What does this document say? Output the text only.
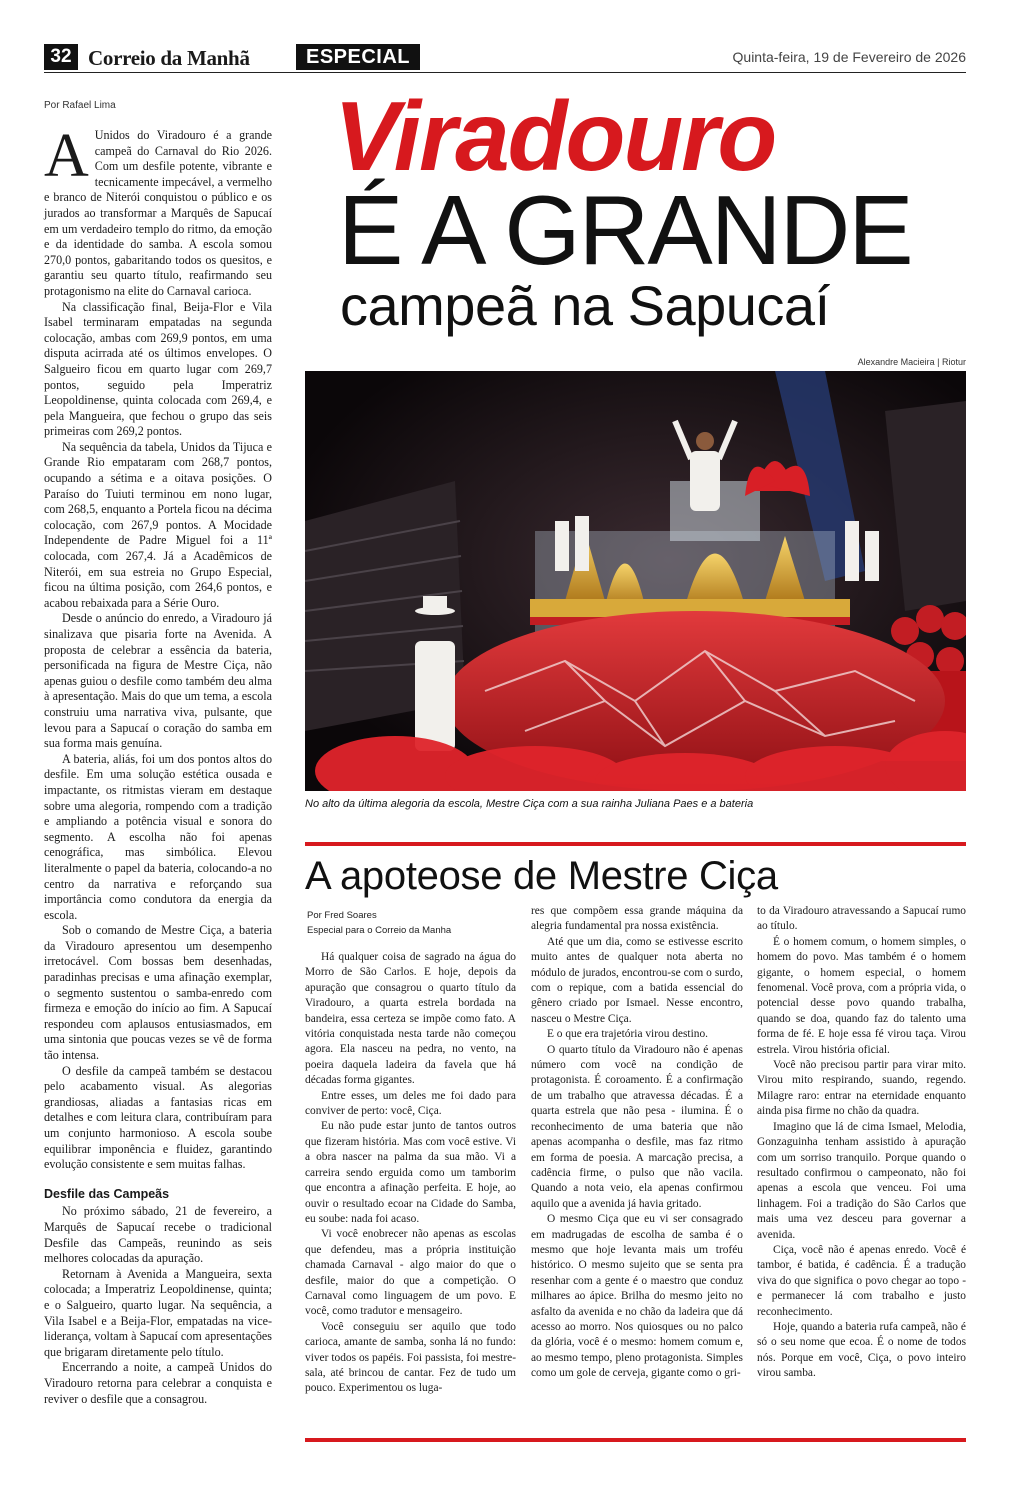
32 Correio da Manhã	ESPECIAL	Quinta-feira, 19 de Fevereiro de 2026
Por Rafael Lima

A Unidos do Viradouro é a grande campeã do Carnaval do Rio 2026. Com um desfile potente, vibrante e tecnicamente impecável, a vermelho e branco de Niterói conquistou o público e os jurados ao transformar a Marquês de Sapucaí em um verdadeiro templo do ritmo, da emoção e da identidade do samba. A escola somou 270,0 pontos, gabaritando todos os quesitos, e garantiu seu quarto título, reafirmando seu protagonismo na elite do Carnaval carioca.

Na classificação final, Beija-Flor e Vila Isabel terminaram empatadas na segunda colocação, ambas com 269,9 pontos, em uma disputa acirrada até os últimos envelopes. O Salgueiro ficou em quarto lugar com 269,7 pontos, seguido pela Imperatriz Leopoldinense, quinta colocada com 269,4, e pela Mangueira, que fechou o grupo das seis primeiras com 269,2 pontos.

Na sequência da tabela, Unidos da Tijuca e Grande Rio empataram com 268,7 pontos, ocupando a sétima e a oitava posições. O Paraíso do Tuiuti terminou em nono lugar, com 268,5, enquanto a Portela ficou na décima colocação, com 267,9 pontos. A Mocidade Independente de Padre Miguel foi a 11ª colocada, com 267,4. Já a Acadêmicos de Niterói, em sua estreia no Grupo Especial, ficou na última posição, com 264,6 pontos, e acabou rebaixada para a Série Ouro.

Desde o anúncio do enredo, a Viradouro já sinalizava que pisaria forte na Avenida. A proposta de celebrar a essência da bateria, personificada na figura de Mestre Ciça, não apenas guiou o desfile como também deu alma à apresentação. Mais do que um tema, a escola construiu uma narrativa viva, pulsante, que levou para a Sapucaí o coração do samba em sua forma mais genuína.

A bateria, aliás, foi um dos pontos altos do desfile. Em uma solução estética ousada e impactante, os ritmistas vieram em destaque sobre uma alegoria, rompendo com a tradição e ampliando a potência visual e sonora do segmento. A escolha não foi apenas cenográfica, mas simbólica. Elevou literalmente o papel da bateria, colocando-a no centro da narrativa e reforçando sua importância como condutora da energia da escola.

Sob o comando de Mestre Ciça, a bateria da Viradouro apresentou um desempenho irretocável. Com bossas bem desenhadas, paradinhas precisas e uma afinação exemplar, o segmento sustentou o samba-enredo com firmeza e emoção do início ao fim. A Sapucaí respondeu com aplausos entusiasmados, em uma sintonia que poucas vezes se vê de forma tão intensa.

O desfile da campeã também se destacou pelo acabamento visual. As alegorias grandiosas, aliadas a fantasias ricas em detalhes e com leitura clara, contribuíram para um conjunto harmonioso. A escola soube equilibrar imponência e fluidez, garantindo evolução consistente e sem muitas falhas.

Desfile das Campeãs

No próximo sábado, 21 de fevereiro, a Marquês de Sapucaí recebe o tradicional Desfile das Campeãs, reunindo as seis melhores colocadas da apuração.

Retornam à Avenida a Mangueira, sexta colocada; a Imperatriz Leopoldinense, quinta; e o Salgueiro, quarto lugar. Na sequência, a Vila Isabel e a Beija-Flor, empatadas na vice-liderança, voltam à Sapucaí com apresentações que brigaram diretamente pelo título.

Encerrando a noite, a campeã Unidos do Viradouro retorna para celebrar a conquista e reviver o desfile que a consagrou.

Viradouro
É A GRANDE
campeã na Sapucaí
Alexandre Macieira | Riotur
No alto da última alegoria da escola, Mestre Ciça com a sua rainha Juliana Paes e a bateria
A apoteose de Mestre Ciça
Por Fred Soares
Especial para o Correio da Manha

Há qualquer coisa de sagrado na água do Morro de São Carlos. E hoje, depois da apuração que consagrou o quarto título da Viradouro, a quarta estrela bordada na bandeira, essa certeza se impõe como fato. A vitória conquistada nesta tarde não começou agora. Ela nasceu na pedra, no vento, na poeira daquela ladeira da favela que há décadas forma gigantes.

Entre esses, um deles me foi dado para conviver de perto: você, Ciça.

Eu não pude estar junto de tantos outros que fizeram história. Mas com você estive. Vi a obra nascer na palma da sua mão. Vi a carreira sendo erguida como um tamborim que encontra a afinação perfeita. E hoje, ao ouvir o resultado ecoar na Cidade do Samba, eu soube: nada foi acaso.

Vi você enobrecer não apenas as escolas que defendeu, mas a própria instituição chamada Carnaval - algo maior do que o desfile, maior do que a competição. O Carnaval como linguagem de um povo. E você, como tradutor e mensageiro.

Você conseguiu ser aquilo que todo carioca, amante de samba, sonha lá no fundo: viver todos os papéis. Foi passista, foi mestre-sala, até brincou de cantar. Fez de tudo um pouco. Experimentou os luga-

res que compõem essa grande máquina da alegria fundamental pra nossa existência.

Até que um dia, como se estivesse escrito muito antes de qualquer nota aberta no módulo de jurados, encontrou-se com o surdo, com o repique, com a batida essencial do gênero criado por Ismael. Nesse encontro, nasceu o Mestre Ciça.

E o que era trajetória virou destino.

O quarto título da Viradouro não é apenas número com você na condição de protagonista. É coroamento. É a confirmação de um trabalho que atravessa décadas. É a quarta estrela que não pesa - ilumina. É o reconhecimento de uma bateria que não apenas acompanha o desfile, mas faz ritmo em forma de poesia. A marcação precisa, a cadência firme, o pulso que não vacila. Quando a nota veio, ela apenas confirmou aquilo que a avenida já havia gritado.

O mesmo Ciça que eu vi ser consagrado em madrugadas de escolha de samba é o mesmo que hoje levanta mais um troféu histórico. O mesmo sujeito que se senta pra resenhar com a gente é o maestro que conduz milhares ao ápice. Brilha do mesmo jeito no asfalto da avenida e no chão da ladeira que dá acesso ao morro. Nos quiosques ou no palco da glória, você é o mesmo: homem comum e, ao mesmo tempo, pleno protagonista. Simples como um gole de cerveja, gigante como o gri-

to da Viradouro atravessando a Sapucaí rumo ao título.

É o homem comum, o homem simples, o homem do povo. Mas também é o homem gigante, o homem especial, o homem fenomenal. Você prova, com a própria vida, o potencial desse povo quando trabalha, quando se doa, quando faz do talento uma forma de fé. E hoje essa fé virou taça. Virou estrela. Virou história oficial.

Você não precisou partir para virar mito. Virou mito respirando, suando, regendo. Milagre raro: entrar na eternidade enquanto ainda pisa firme no chão da quadra.

Imagino que lá de cima Ismael, Melodia, Gonzaguinha tenham assistido à apuração com um sorriso tranquilo. Porque quando o resultado confirmou o campeonato, não foi apenas a escola que venceu. Foi uma linhagem. Foi a tradição do São Carlos que mais uma vez desceu para governar a avenida.

Ciça, você não é apenas enredo. Você é tambor, é batida, é cadência. É a tradução viva do que significa o povo chegar ao topo - e permanecer lá com trabalho e justo reconhecimento.

Hoje, quando a bateria rufa campeã, não é só o seu nome que ecoa. É o nome de todos nós. Porque em você, Ciça, o povo inteiro virou samba.
